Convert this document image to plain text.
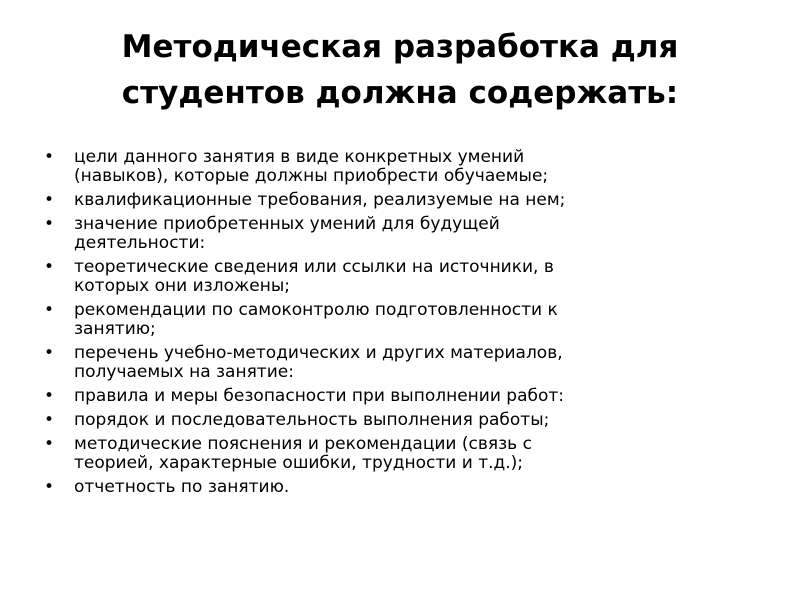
Методическая разработка для
студентов должна содержать:
• цели данного занятия в виде конкретных умений
(навыков), которые должны приобрести обучаемые;
• квалификационные требования, реализуемые на нем;
• значение приобретенных умений для будущей
деятельности:
• теоретические сведения или ссылки на источники, в
которых они изложены;
• рекомендации по самоконтролю подготовленности к
занятию;
• перечень учебно-методических и других материалов,
получаемых на занятие:
• правила и меры безопасности при выполнении работ:
• порядок и последовательность выполнения работы;
• методические пояснения и рекомендации (связь с
теорией, характерные ошибки, трудности и т.д.);
• отчетность по занятию.
